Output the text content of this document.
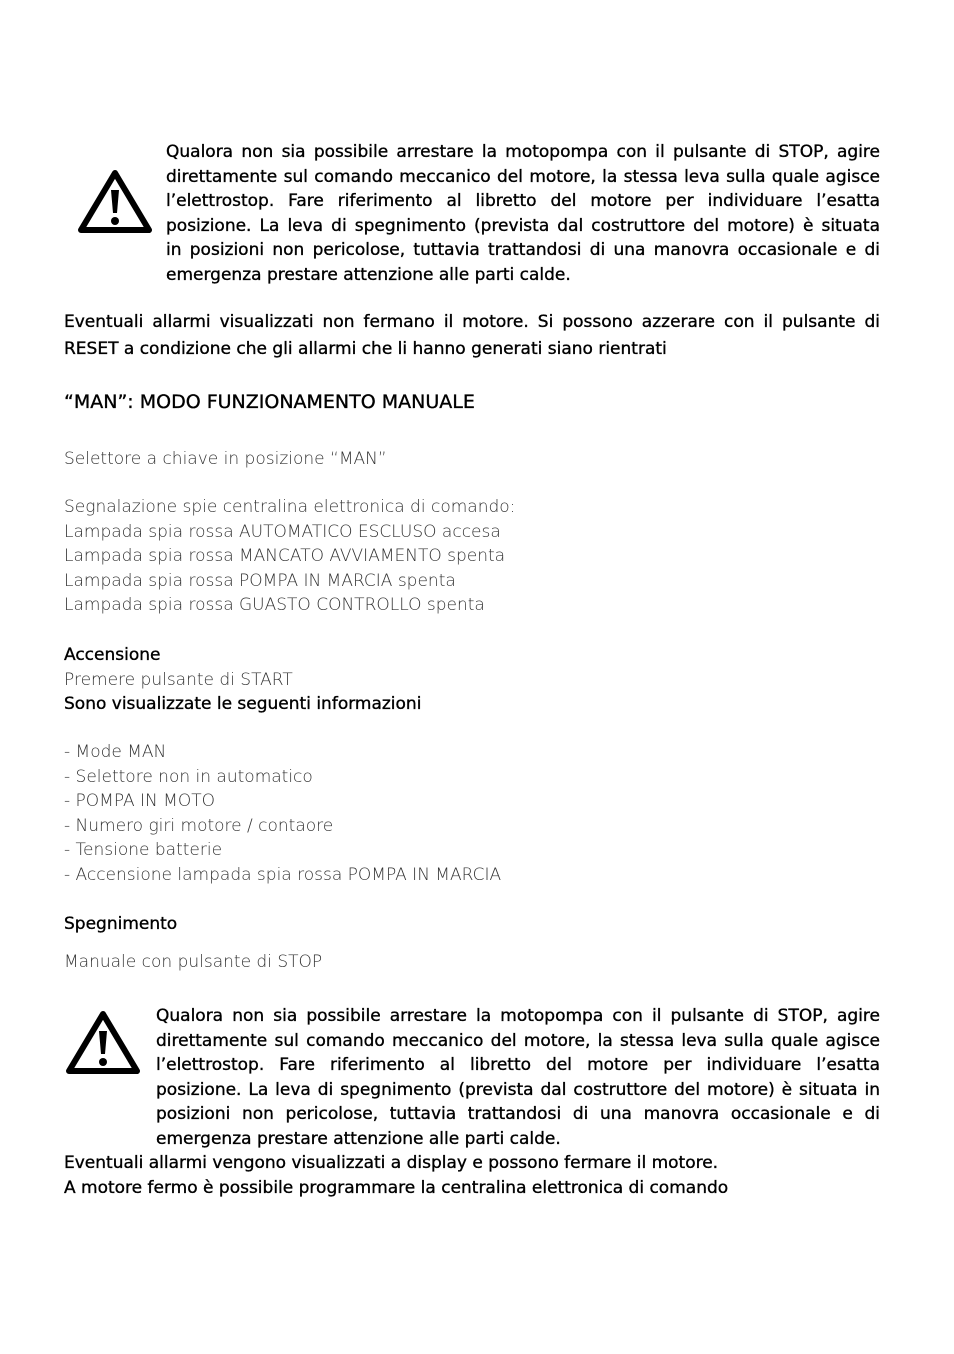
Qualora non sia possibile arrestare la motopompa con il pulsante di STOP, agire
direttamente sul comando meccanico del motore, la stessa leva sulla quale agisce
l’elettrostop. Fare riferimento al libretto del motore per individuare l’esatta
posizione. La leva di spegnimento (prevista dal costruttore del motore) è situata
in posizioni non pericolose, tuttavia trattandosi di una manovra occasionale e di
emergenza prestare attenzione alle parti calde.
Eventuali allarmi visualizzati non fermano il motore. Si possono azzerare con il pulsante di
RESET a condizione che gli allarmi che li hanno generati siano rientrati
“MAN”: MODO FUNZIONAMENTO MANUALE
Selettore a chiave in posizione “MAN”
Segnalazione spie centralina elettronica di comando:
Lampada spia rossa AUTOMATICO ESCLUSO accesa
Lampada spia rossa MANCATO AVVIAMENTO spenta
Lampada spia rossa POMPA IN MARCIA spenta
Lampada spia rossa GUASTO CONTROLLO spenta
Accensione
Premere pulsante di START
Sono visualizzate le seguenti informazioni
- Mode MAN
- Selettore non in automatico
- POMPA IN MOTO
- Numero giri motore / contaore
- Tensione batterie
- Accensione lampada spia rossa POMPA IN MARCIA
Spegnimento
Manuale con pulsante di STOP
Qualora non sia possibile arrestare la motopompa con il pulsante di STOP, agire
direttamente sul comando meccanico del motore, la stessa leva sulla quale agisce
l’elettrostop. Fare riferimento al libretto del motore per individuare l’esatta
posizione. La leva di spegnimento (prevista dal costruttore del motore) è situata in
posizioni non pericolose, tuttavia trattandosi di una manovra occasionale e di
emergenza prestare attenzione alle parti calde.
Eventuali allarmi vengono visualizzati a display e possono fermare il motore.
A motore fermo è possibile programmare la centralina elettronica di comando
